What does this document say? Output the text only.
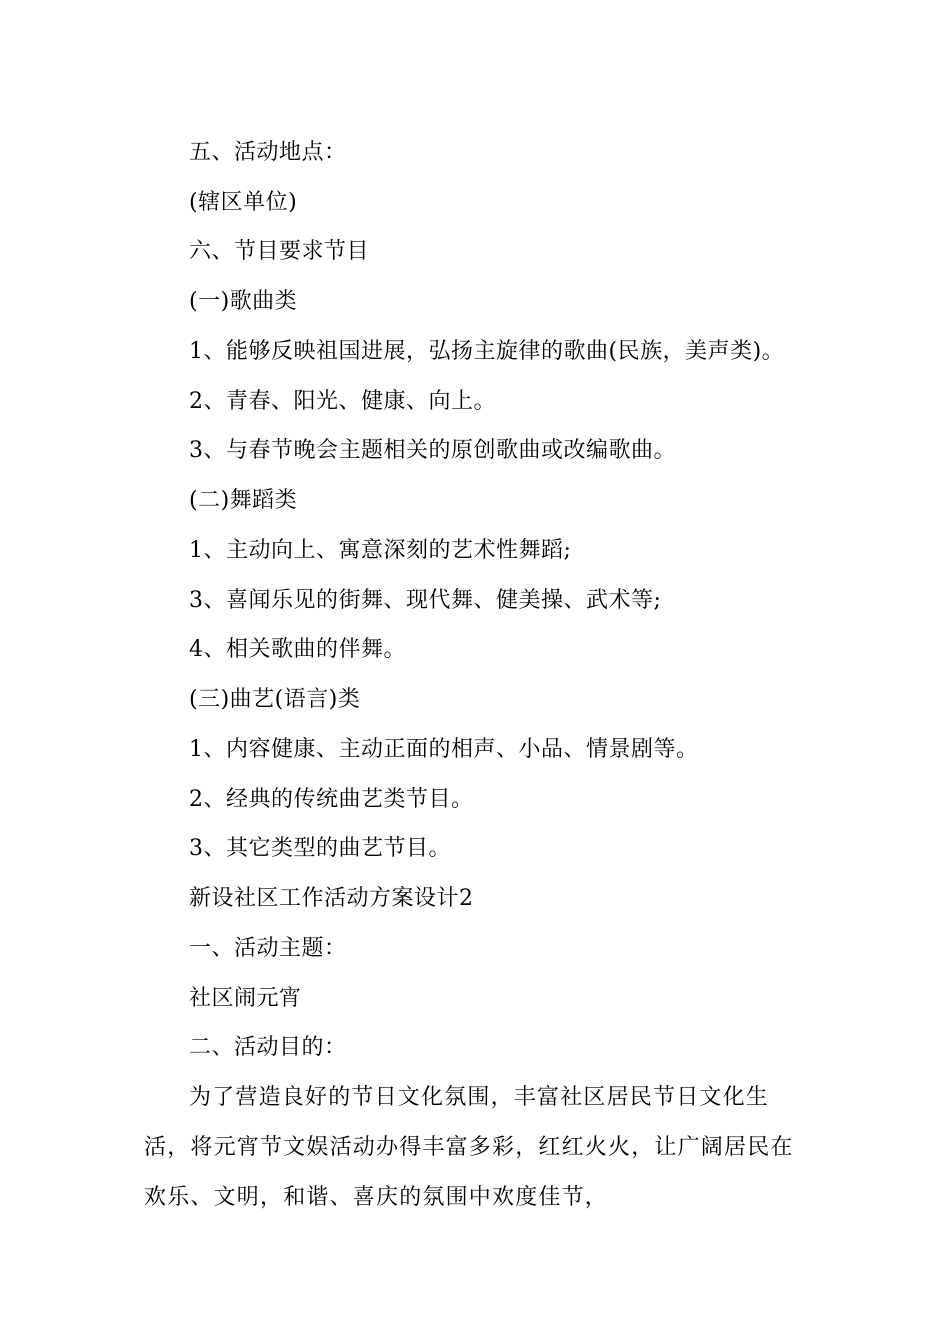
五、活动地点：
(辖区单位)
六、节目要求节目
(一)歌曲类
1、能够反映祖国进展，弘扬主旋律的歌曲(民族，美声类)。
2、青春、阳光、健康、向上。
3、与春节晚会主题相关的原创歌曲或改编歌曲。
(二)舞蹈类
1、主动向上、寓意深刻的艺术性舞蹈;
3、喜闻乐见的街舞、现代舞、健美操、武术等;
4、相关歌曲的伴舞。
(三)曲艺(语言)类
1、内容健康、主动正面的相声、小品、情景剧等。
2、经典的传统曲艺类节目。
3、其它类型的曲艺节目。
新设社区工作活动方案设计2
一、活动主题：
社区闹元宵
二、活动目的：
为了营造良好的节日文化氛围，丰富社区居民节日文化生活，将元宵节文娱活动办得丰富多彩，红红火火，让广阔居民在欢乐、文明，和谐、喜庆的氛围中欢度佳节，
